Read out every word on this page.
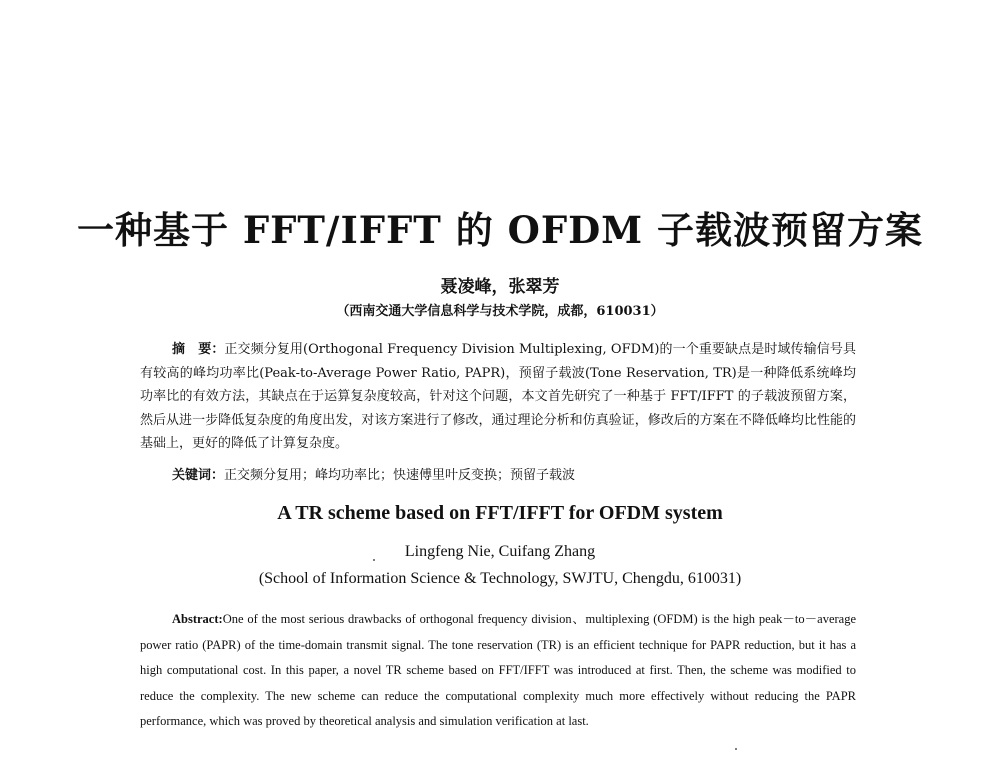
一种基于 FFT/IFFT 的 OFDM 子载波预留方案
聂凌峰，张翠芳
（西南交通大学信息科学与技术学院，成都，610031）
摘　要：正交频分复用(Orthogonal Frequency Division Multiplexing, OFDM)的一个重要缺点是时域传输信号具有较高的峰均功率比(Peak-to-Average Power Ratio, PAPR)，预留子载波(Tone Reservation, TR)是一种降低系统峰均功率比的有效方法，其缺点在于运算复杂度较高，针对这个问题，本文首先研究了一种基于 FFT/IFFT 的子载波预留方案，然后从进一步降低复杂度的角度出发，对该方案进行了修改，通过理论分析和仿真验证，修改后的方案在不降低峰均比性能的基础上，更好的降低了计算复杂度。
关键词：正交频分复用；峰均功率比；快速傅里叶反变换；预留子载波
A TR scheme based on FFT/IFFT for OFDM system
Lingfeng Nie, Cuifang Zhang
(School of Information Science & Technology, SWJTU, Chengdu, 610031)

Abstract:One of the most serious drawbacks of orthogonal frequency division、multiplexing (OFDM) is the high peak－to－average power ratio (PAPR) of the time-domain transmit signal. The tone reservation (TR) is an efficient technique for PAPR reduction, but it has a high computational cost. In this paper, a novel TR scheme based on FFT/IFFT was introduced at first. Then, the scheme was modified to reduce the complexity. The new scheme can reduce the computational complexity much more effectively without reducing the PAPR performance, which was proved by theoretical analysis and simulation verification at last.
